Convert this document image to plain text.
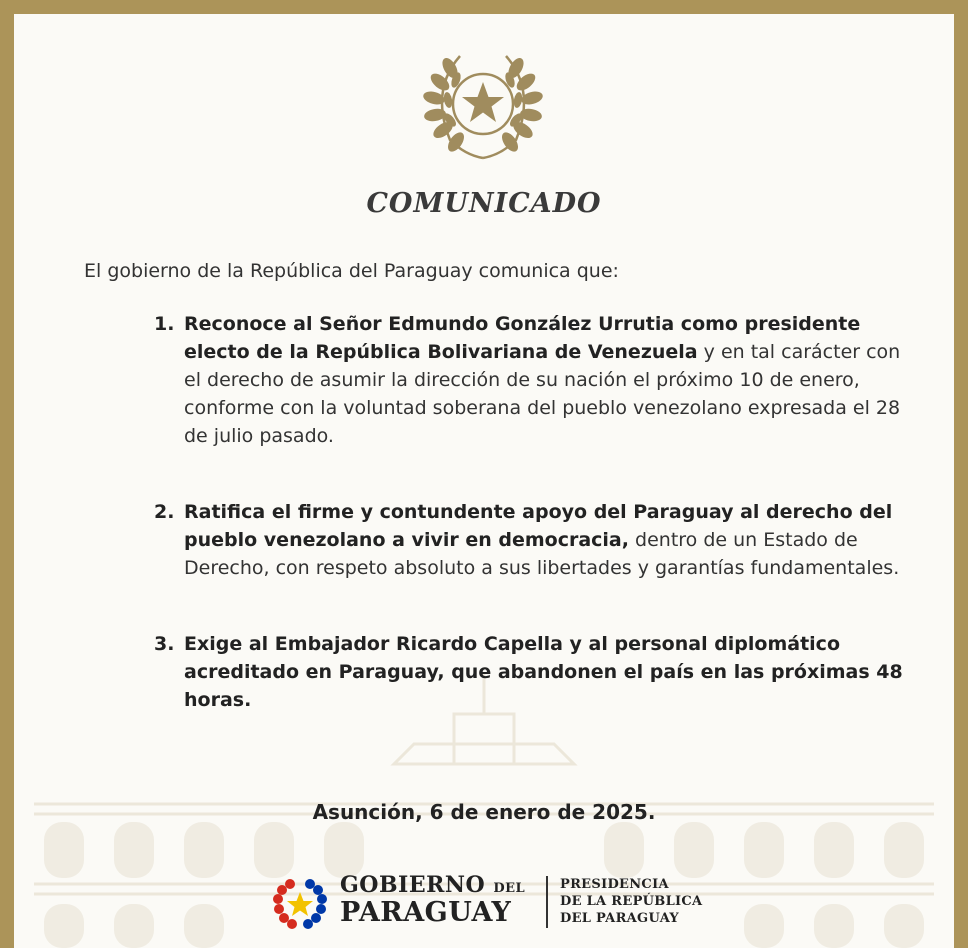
COMUNICADO
El gobierno de la República del Paraguay comunica que:
1. Reconoce al Señor Edmundo González Urrutia como presidente electo de la República Bolivariana de Venezuela y en tal carácter con el derecho de asumir la dirección de su nación el próximo 10 de enero, conforme con la voluntad soberana del pueblo venezolano expresada el 28 de julio pasado.
2. Ratifica el firme y contundente apoyo del Paraguay al derecho del pueblo venezolano a vivir en democracia, dentro de un Estado de Derecho, con respeto absoluto a sus libertades y garantías fundamentales.
3. Exige al Embajador Ricardo Capella y al personal diplomático acreditado en Paraguay, que abandonen el país en las próximas 48 horas.
Asunción, 6 de enero de 2025.
GOBIERNO DEL
PARAGUAY
PRESIDENCIA
DE LA REPÚBLICA
DEL PARAGUAY
